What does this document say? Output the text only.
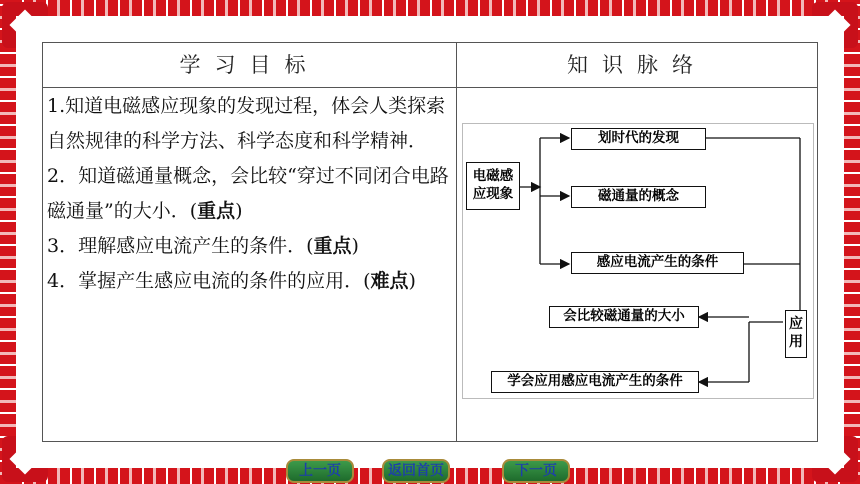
学习目标	知识脉络
1.知道电磁感应现象的发现过程，体会人类探索自然规律的科学方法、科学态度和科学精神．
2．知道磁通量概念，会比较“穿过不同闭合电路磁通量”的大小．(重点)
3．理解感应电流产生的条件．(重点)
4．掌握产生感应电流的条件的应用．(难点)
电磁感应现象
划时代的发现
磁通量的概念
感应电流产生的条件
应用
会比较磁通量的大小
学会应用感应电流产生的条件
上一页	返回首页	下一页
